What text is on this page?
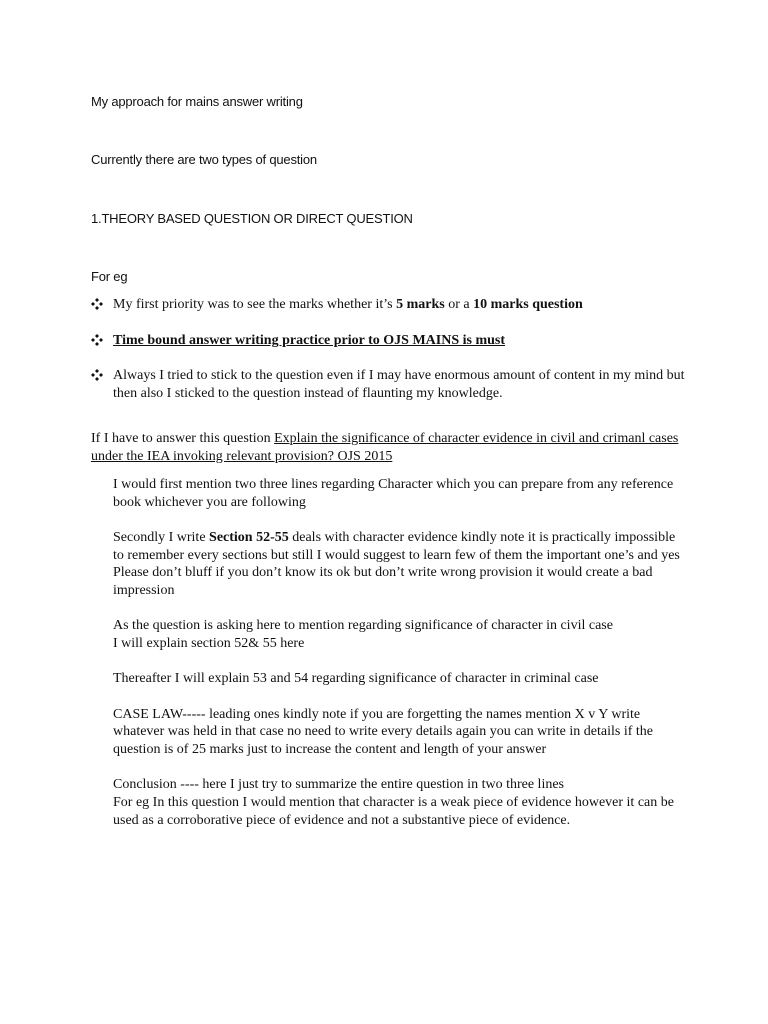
My approach for mains answer writing
Currently there are two types of question
1.THEORY BASED QUESTION OR DIRECT QUESTION
For eg
My first priority was to see the marks whether it’s 5 marks or a 10 marks question
Time bound answer writing practice prior to OJS MAINS is must
Always I tried to stick to the question even if I may have enormous amount of content in my mind but
then also I sticked to the question instead of flaunting my knowledge.
If I have to answer this question Explain the significance of character evidence in civil and crimanl cases
under the IEA invoking relevant provision? OJS 2015
I would first mention two three lines regarding Character which you can prepare from any reference
book whichever you are following
Secondly I write Section 52-55 deals with character evidence kindly note it is practically impossible
to remember every sections but still I would suggest to learn few of them the important one’s and yes
Please don’t bluff if you don’t know its ok but don’t write wrong provision it would create a bad
impression
As the question is asking here to mention regarding significance of character in civil case
I will explain section 52& 55 here
Thereafter I will explain 53 and 54 regarding significance of character in criminal case
CASE LAW----- leading ones kindly note if you are forgetting the names mention X v Y write
whatever was held in that case no need to write every details again you can write in details if the
question is of 25 marks just to increase the content and length of your answer
Conclusion ---- here I just try to summarize the entire question in two three lines
For eg In this question I would mention that character is a weak piece of evidence however it can be
used as a corroborative piece of evidence and not a substantive piece of evidence.
